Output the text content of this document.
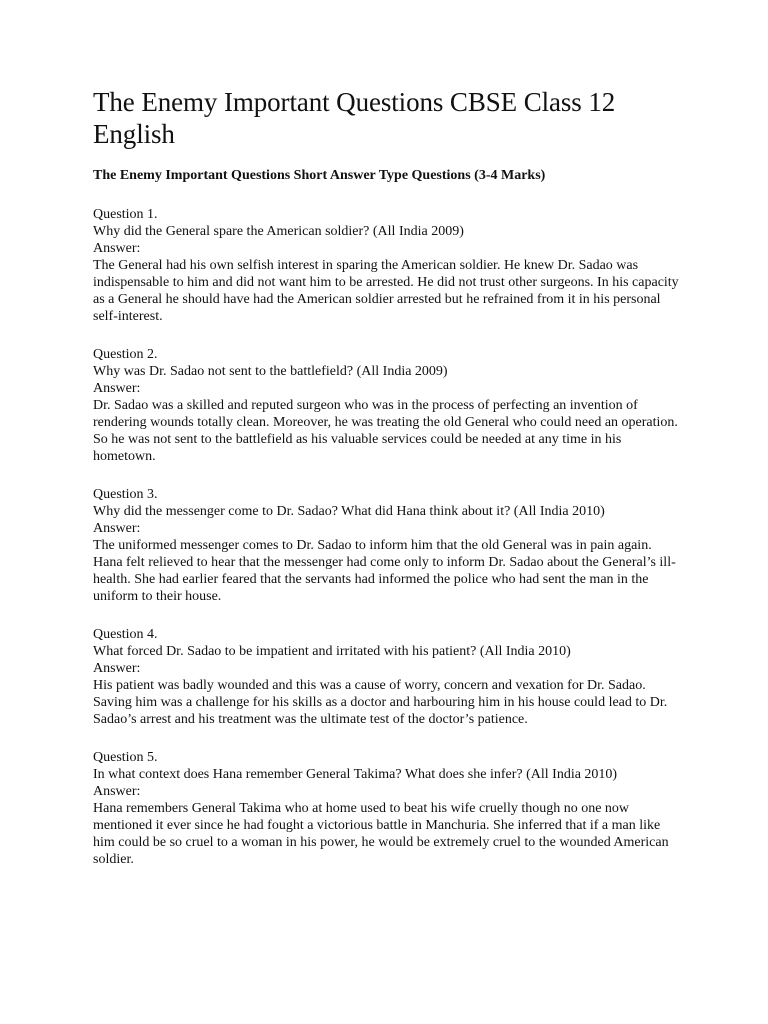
The Enemy Important Questions CBSE Class 12 English
The Enemy Important Questions Short Answer Type Questions (3-4 Marks)
Question 1.
Why did the General spare the American soldier? (All India 2009)
Answer:
The General had his own selfish interest in sparing the American soldier. He knew Dr. Sadao was indispensable to him and did not want him to be arrested. He did not trust other surgeons. In his capacity as a General he should have had the American soldier arrested but he refrained from it in his personal self-interest.
Question 2.
Why was Dr. Sadao not sent to the battlefield? (All India 2009)
Answer:
Dr. Sadao was a skilled and reputed surgeon who was in the process of perfecting an invention of rendering wounds totally clean. Moreover, he was treating the old General who could need an operation. So he was not sent to the battlefield as his valuable services could be needed at any time in his hometown.
Question 3.
Why did the messenger come to Dr. Sadao? What did Hana think about it? (All India 2010)
Answer:
The uniformed messenger comes to Dr. Sadao to inform him that the old General was in pain again. Hana felt relieved to hear that the messenger had come only to inform Dr. Sadao about the General’s ill-health. She had earlier feared that the servants had informed the police who had sent the man in the uniform to their house.
Question 4.
What forced Dr. Sadao to be impatient and irritated with his patient? (All India 2010)
Answer:
His patient was badly wounded and this was a cause of worry, concern and vexation for Dr. Sadao. Saving him was a challenge for his skills as a doctor and harbouring him in his house could lead to Dr. Sadao’s arrest and his treatment was the ultimate test of the doctor’s patience.
Question 5.
In what context does Hana remember General Takima? What does she infer? (All India 2010)
Answer:
Hana remembers General Takima who at home used to beat his wife cruelly though no one now mentioned it ever since he had fought a victorious battle in Manchuria. She inferred that if a man like him could be so cruel to a woman in his power, he would be extremely cruel to the wounded American soldier.
